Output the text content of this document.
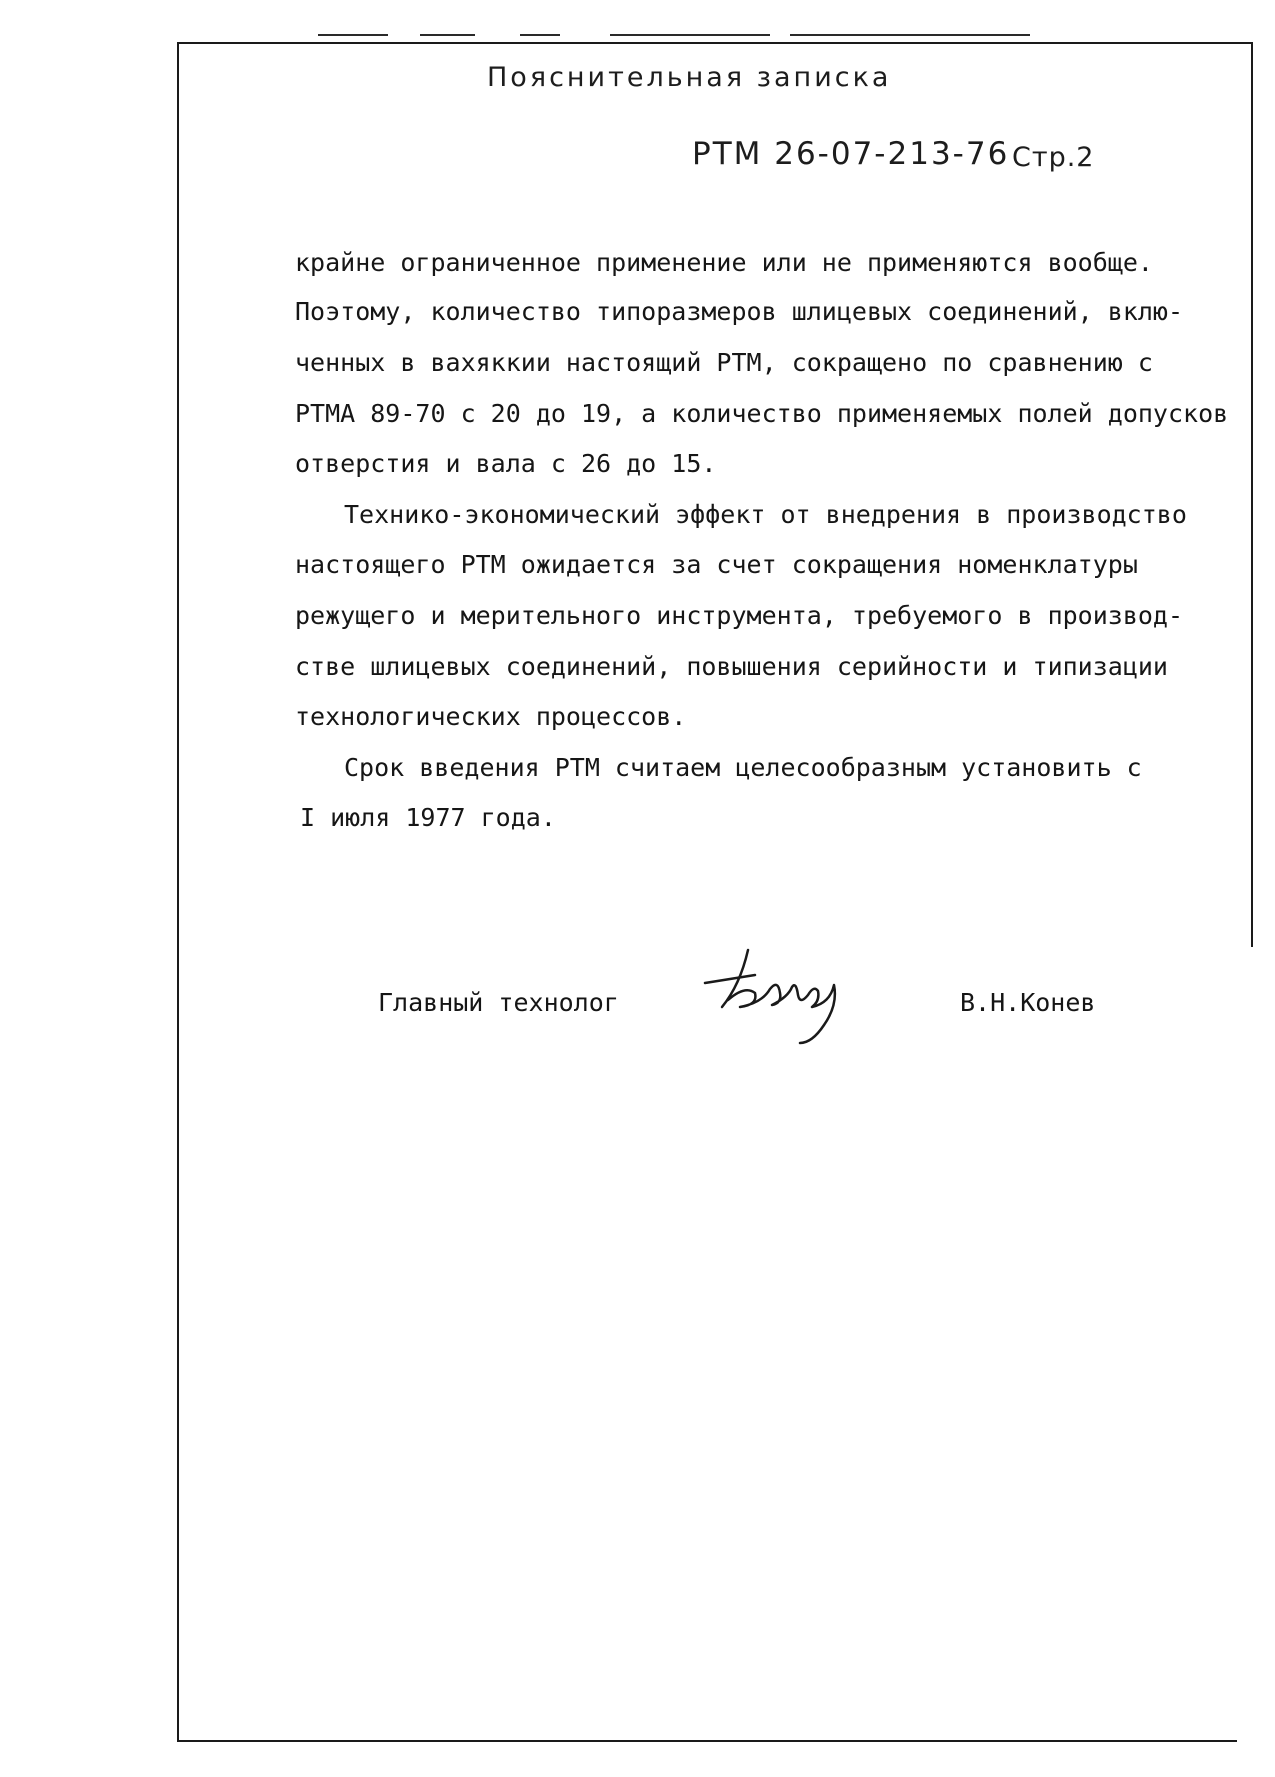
Пояснительная записка
РТМ 26-07-213-76 Стр.2
крайне ограниченное применение или не применяются вообще.
Поэтому, количество типоразмеров шлицевых соединений, вклю-
ченных в вахяккии настоящий РТМ, сокращено по сравнению с
РТМА 89-70 с 20 до 19, а количество применяемых полей допусков
отверстия и вала с 26 до 15.
Технико-экономический эффект от внедрения в производство
настоящего РТМ ожидается за счет сокращения номенклатуры
режущего и мерительного инструмента, требуемого в производ-
стве шлицевых соединений, повышения серийности и типизации
технологических процессов.
Срок введения РТМ считаем целесообразным установить с
I июля 1977 года.
Главный технолог	В.Н.Конев
